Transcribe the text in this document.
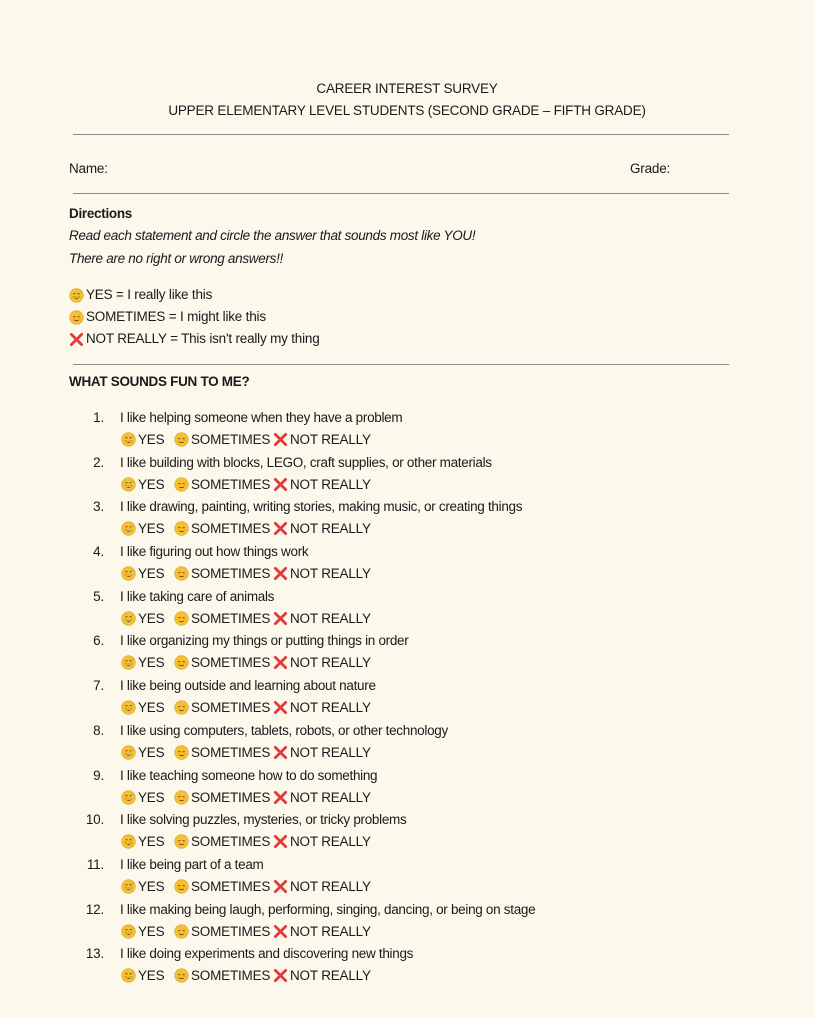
CAREER INTEREST SURVEY
UPPER ELEMENTARY LEVEL STUDENTS (SECOND GRADE – FIFTH GRADE)
Name:	Grade:
Directions
Read each statement and circle the answer that sounds most like YOU!
There are no right or wrong answers!!
YES = I really like this
SOMETIMES = I might like this
NOT REALLY = This isn't really my thing
WHAT SOUNDS FUN TO ME?
1. I like helping someone when they have a problem
YES SOMETIMES NOT REALLY
2. I like building with blocks, LEGO, craft supplies, or other materials
YES SOMETIMES NOT REALLY
3. I like drawing, painting, writing stories, making music, or creating things
YES SOMETIMES NOT REALLY
4. I like figuring out how things work
YES SOMETIMES NOT REALLY
5. I like taking care of animals
YES SOMETIMES NOT REALLY
6. I like organizing my things or putting things in order
YES SOMETIMES NOT REALLY
7. I like being outside and learning about nature
YES SOMETIMES NOT REALLY
8. I like using computers, tablets, robots, or other technology
YES SOMETIMES NOT REALLY
9. I like teaching someone how to do something
YES SOMETIMES NOT REALLY
10. I like solving puzzles, mysteries, or tricky problems
YES SOMETIMES NOT REALLY
11. I like being part of a team
YES SOMETIMES NOT REALLY
12. I like making being laugh, performing, singing, dancing, or being on stage
YES SOMETIMES NOT REALLY
13. I like doing experiments and discovering new things
YES SOMETIMES NOT REALLY
